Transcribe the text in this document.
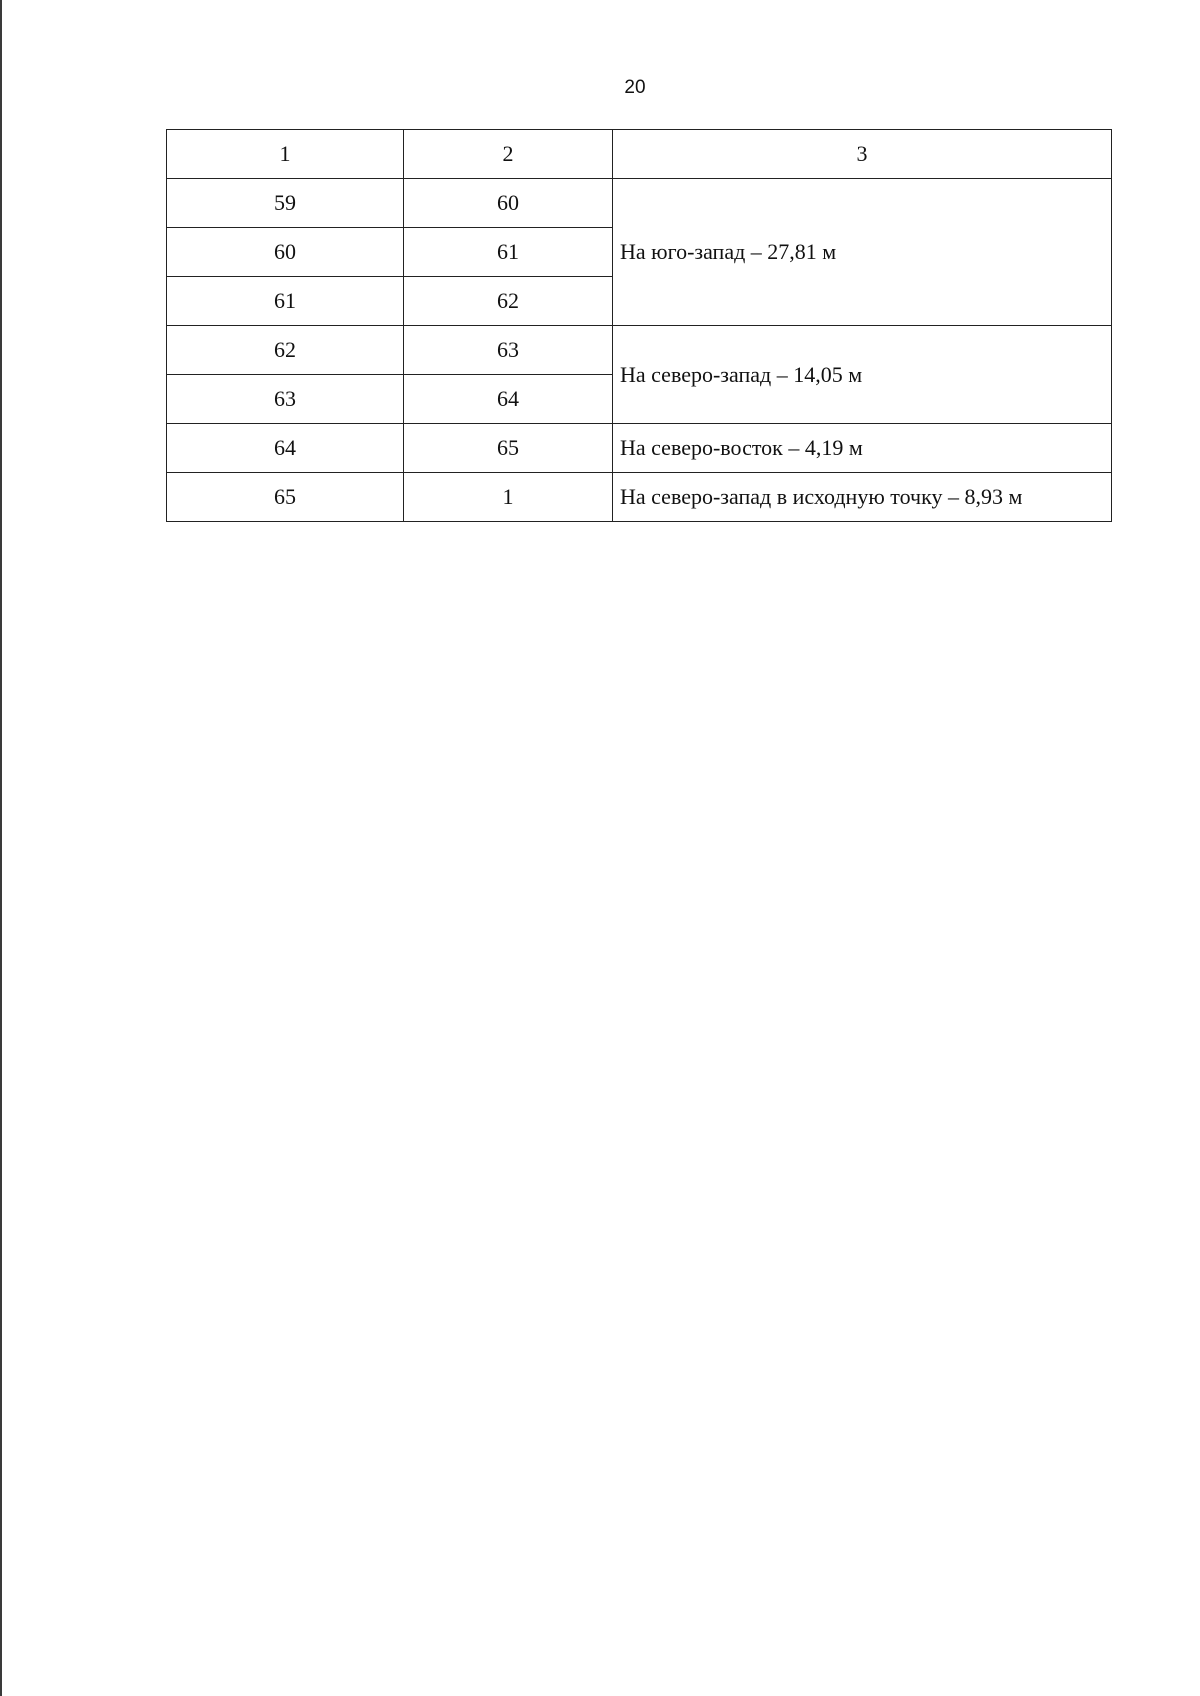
20
1	2	3
59	60	На юго-запад – 27,81 м
60	61	
61	62	
62	63	На северо-запад – 14,05 м
63	64	
64	65	На северо-восток – 4,19 м
65	1	На северо-запад в исходную точку – 8,93 м
